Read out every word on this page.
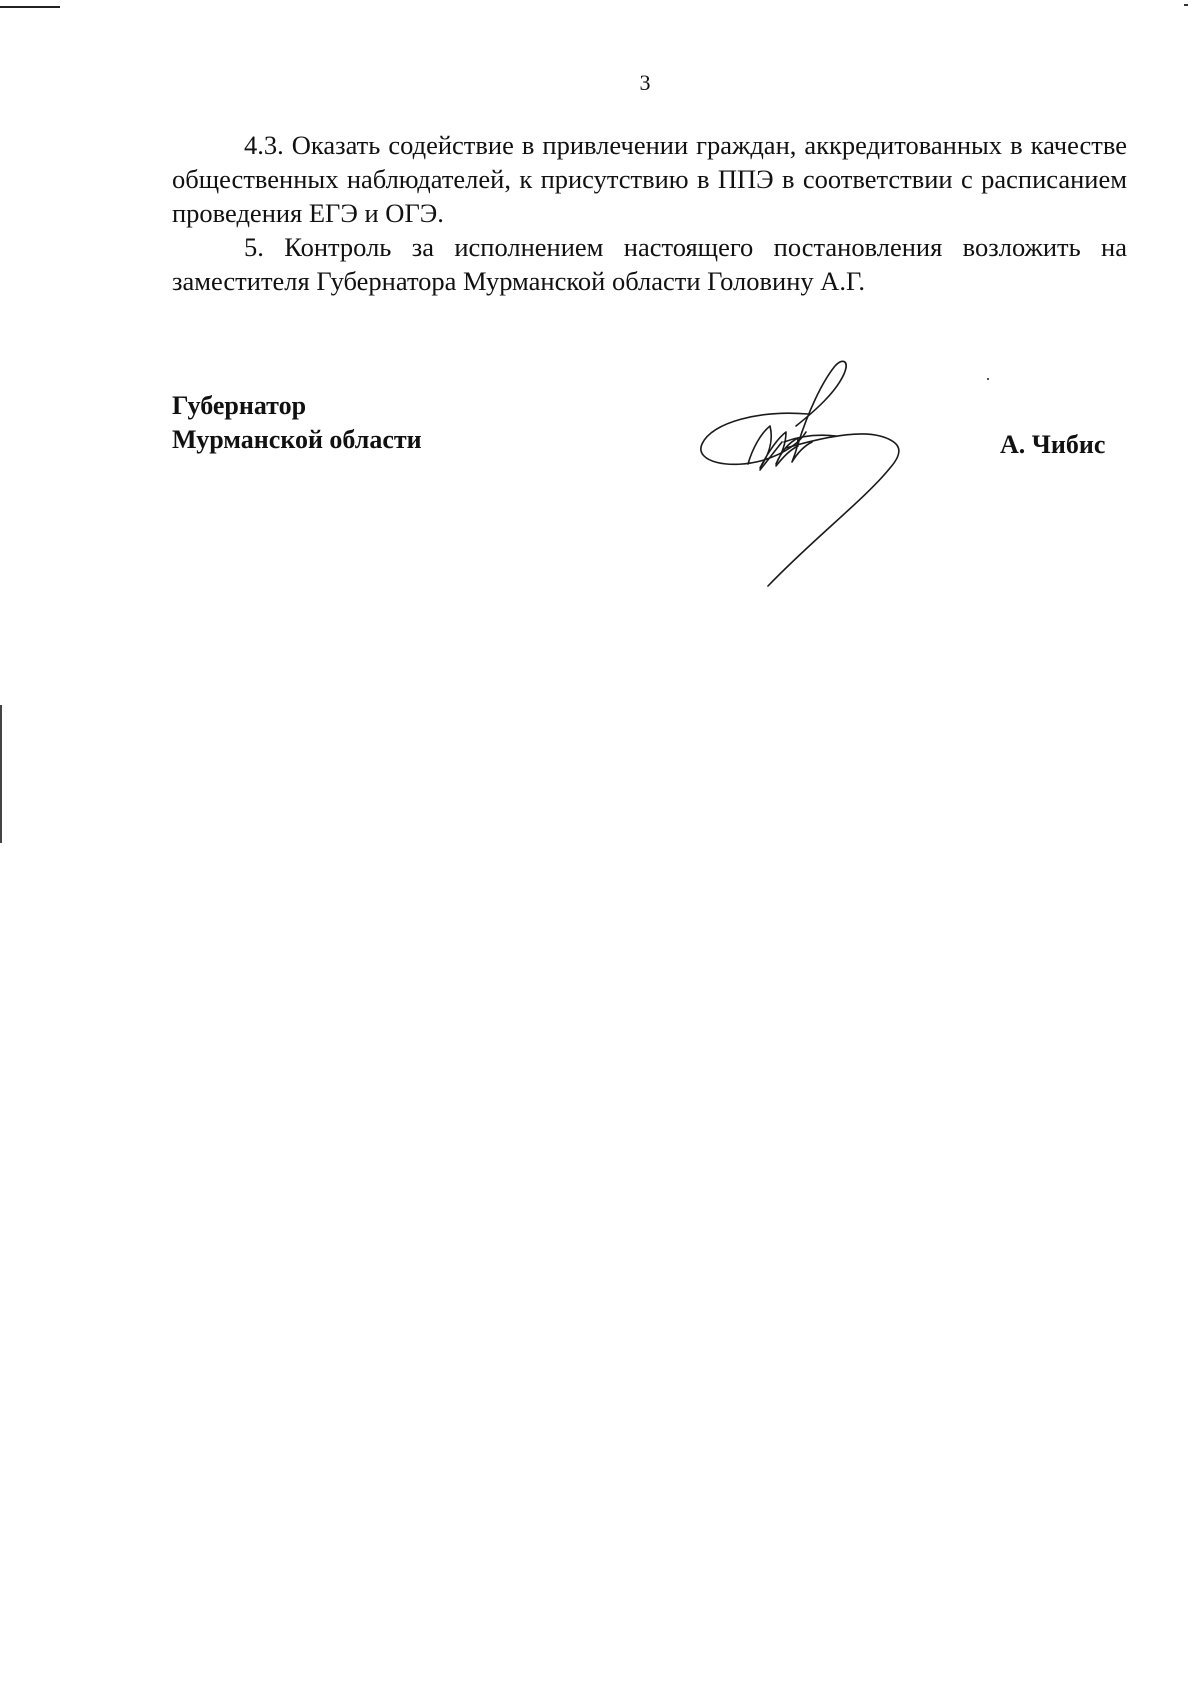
3

4.3. Оказать содействие в привлечении граждан, аккредитованных в качестве общественных наблюдателей, к присутствию в ППЭ в соответствии с расписанием проведения ЕГЭ и ОГЭ.

5. Контроль за исполнением настоящего постановления возложить на заместителя Губернатора Мурманской области Головину А.Г.

Губернатор
Мурманской области	А. Чибис
